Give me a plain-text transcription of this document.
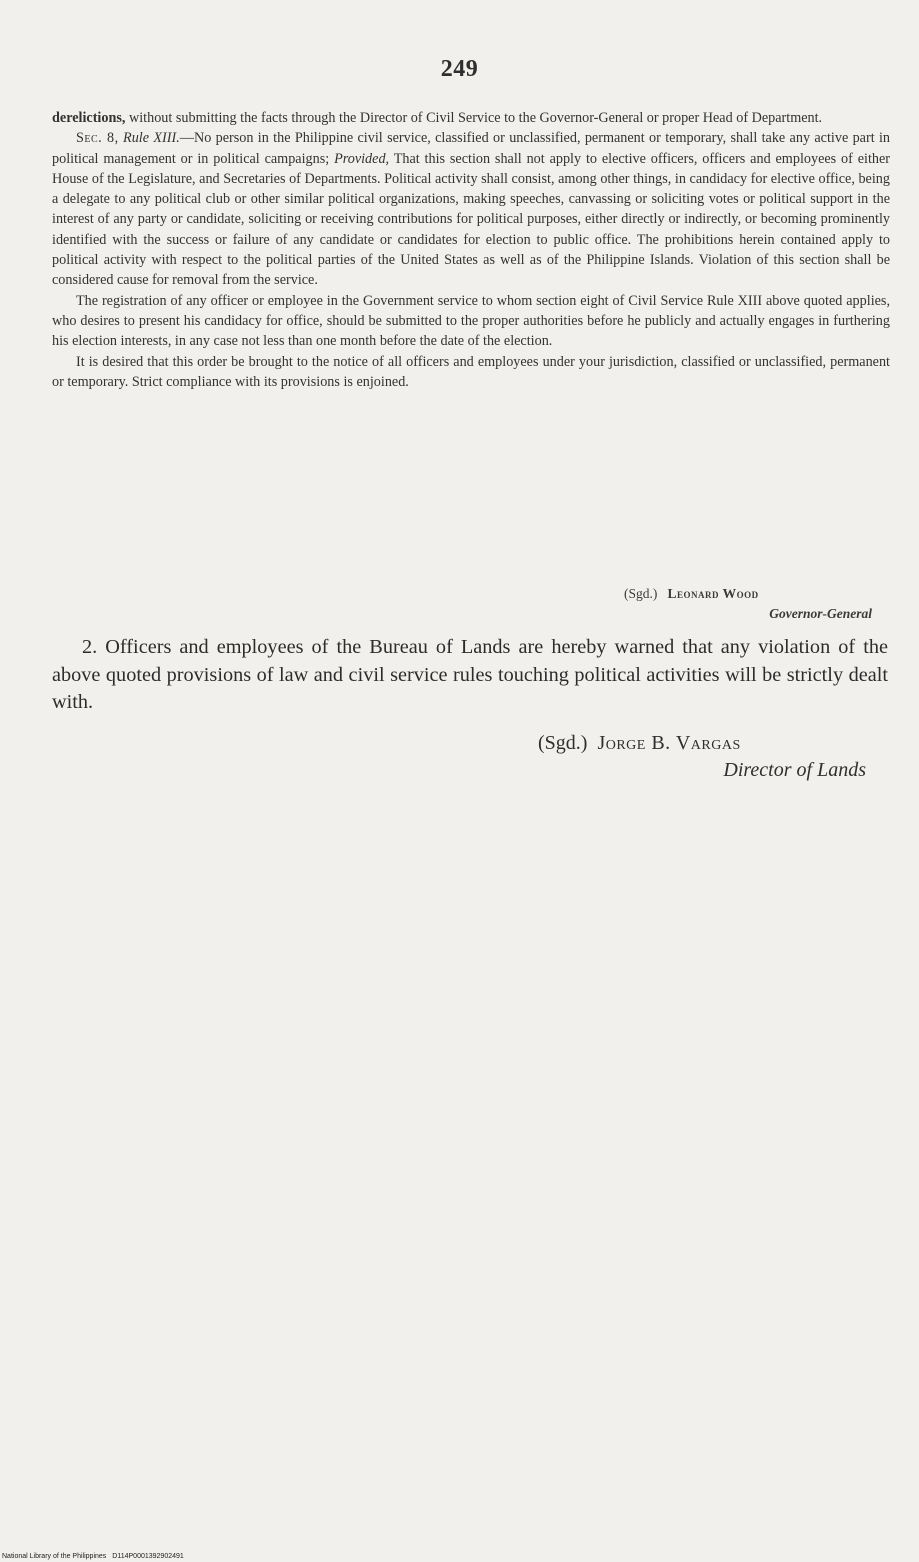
249

derelictions, without submitting the facts through the Director of Civil Service to the Governor-General or proper Head of Department.

Sec. 8, Rule XIII.—No person in the Philippine civil service, classified or unclassified, permanent or temporary, shall take any active part in political management or in political campaigns; Provided, That this section shall not apply to elective officers, officers and employees of either House of the Legislature, and Secretaries of Departments. Political activity shall consist, among other things, in candidacy for elective office, being a delegate to any political club or other similar political organizations, making speeches, canvassing or soliciting votes or political support in the interest of any party or candidate, soliciting or receiving contributions for political purposes, either directly or indirectly, or becoming prominently identified with the success or failure of any candidate or candidates for election to public office. The prohibitions herein contained apply to political activity with respect to the political parties of the United States as well as of the Philippine Islands. Violation of this section shall be considered cause for removal from the service.

The registration of any officer or employee in the Government service to whom section eight of Civil Service Rule XIII above quoted applies, who desires to present his candidacy for office, should be submitted to the proper authorities before he publicly and actually engages in furthering his election interests, in any case not less than one month before the date of the election.

It is desired that this order be brought to the notice of all officers and employees under your jurisdiction, classified or unclassified, permanent or temporary. Strict compliance with its provisions is enjoined.

(Sgd.) Leonard Wood
Governor-General

2. Officers and employees of the Bureau of Lands are hereby warned that any violation of the above quoted provisions of law and civil service rules touching political activities will be strictly dealt with.

(Sgd.) Jorge B. Vargas
Director of Lands
National Library of the Philippines D114P0001392902491
